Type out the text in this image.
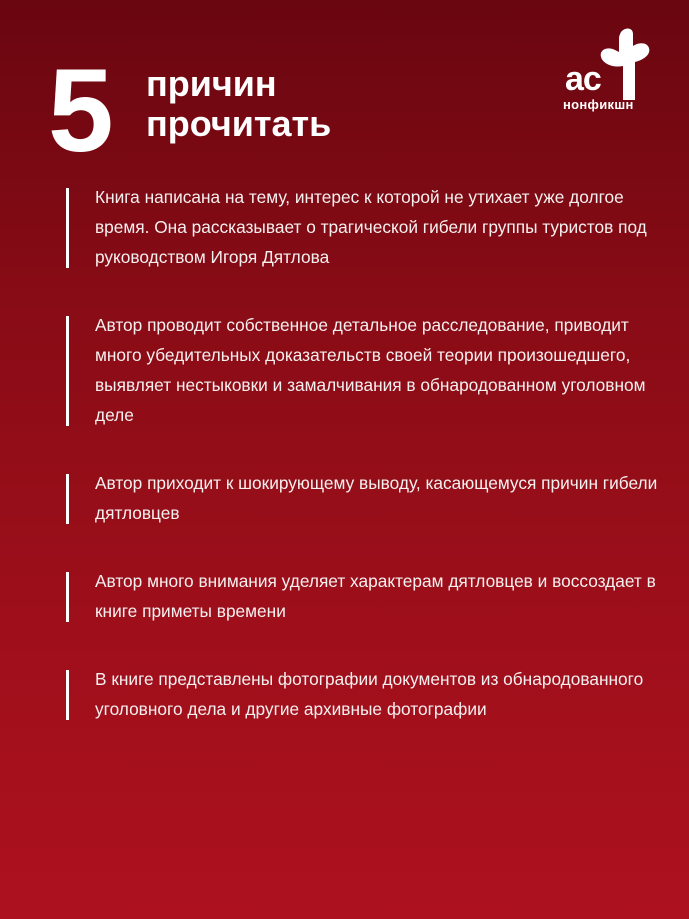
5 причин
прочитать
ас
нонфикшн
Книга написана на тему, интерес к которой не утихает уже долгое время. Она рассказывает о трагической гибели группы туристов под руководством Игоря Дятлова
Автор проводит собственное детальное расследование, приводит много убедительных доказательств своей теории произошедшего, выявляет нестыковки и замалчивания в обнародованном уголовном деле
Автор приходит к шокирующему выводу, касающемуся причин гибели дятловцев
Автор много внимания уделяет характерам дятловцев и воссоздает в книге приметы времени
В книге представлены фотографии документов из обнародованного уголовного дела и другие архивные фотографии
